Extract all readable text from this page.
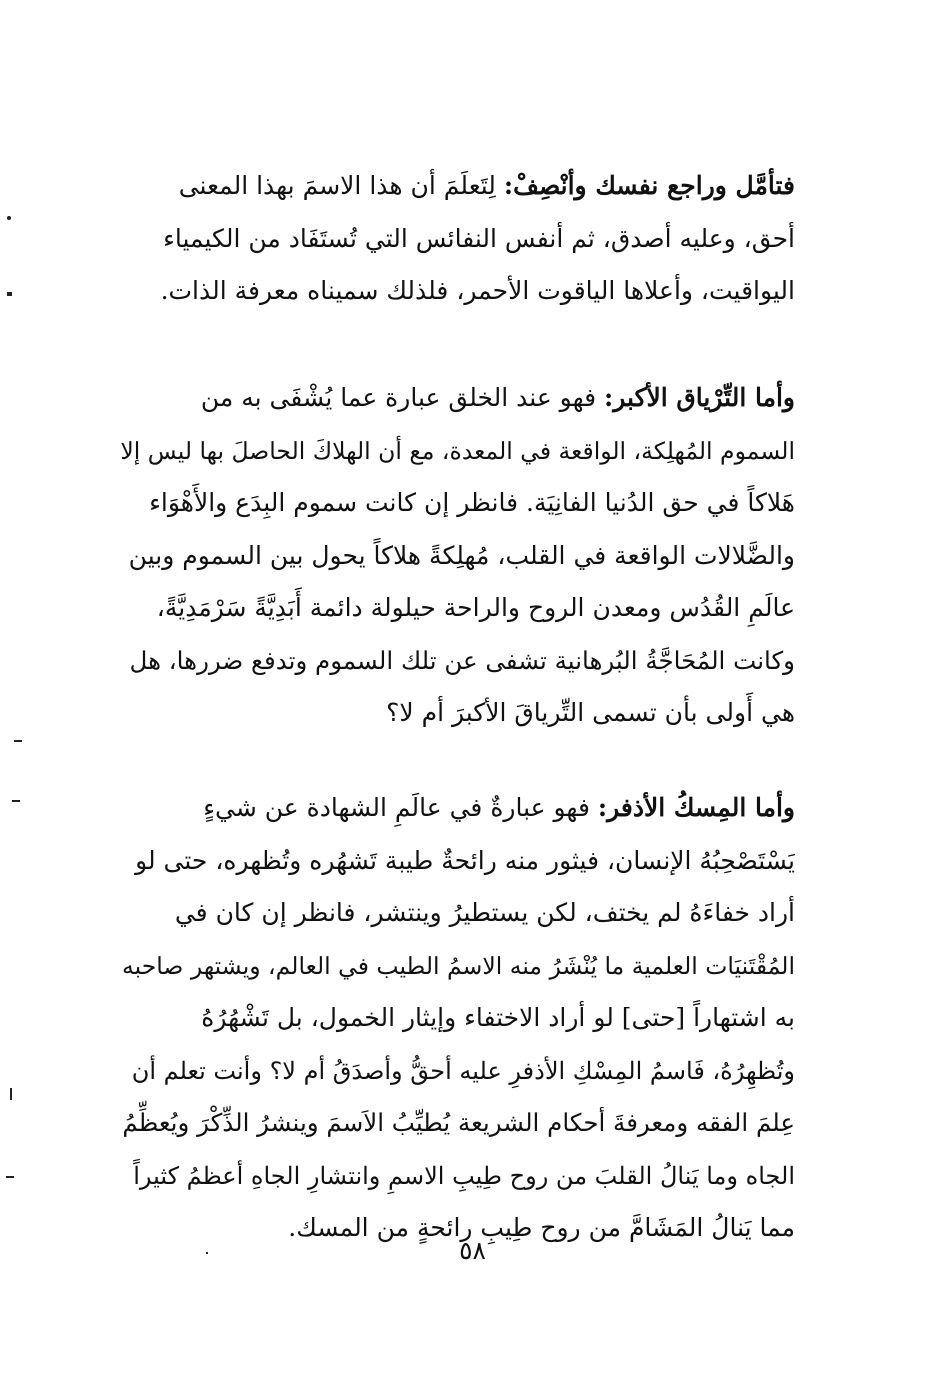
فتأمَّل وراجع نفسك وأنْصِفْ: لِتَعلَمَ أن هذا الاسمَ بهذا المعنى
أحق، وعليه أصدق، ثم أنفس النفائس التي تُستَفَاد من الكيمياء
اليواقيت، وأعلاها الياقوت الأحمر، فلذلك سميناه معرفة الذات.
وأما التِّرْياق الأكبر: فهو عند الخلق عبارة عما يُشْفَى به من
السموم المُهلِكة، الواقعة في المعدة، مع أن الهلاكَ الحاصلَ بها ليس إلا
هَلاكاً في حق الدُنيا الفانِيَة. فانظر إن كانت سموم البِدَع والأَهْوَاء
والضَّلالات الواقعة في القلب، مُهلِكةً هلاكاً يحول بين السموم وبين
عالَمِ القُدُس ومعدن الروح والراحة حيلولة دائمة أَبَدِيَّةً سَرْمَدِيَّةً،
وكانت المُحَاجَّةُ البُرهانية تشفى عن تلك السموم وتدفع ضررها، هل
هي أَولى بأن تسمى التِّرياقَ الأكبرَ أم لا؟
وأما المِسكُ الأذفر: فهو عبارةٌ في عالَمِ الشهادة عن شيءٍ
يَسْتَصْحِبُهُ الإنسان، فيثور منه رائحةٌ طيبة تَشهُره وتُظهره، حتى لو
أراد خفاءَهُ لم يختف، لكن يستطيرُ وينتشر، فانظر إن كان في
المُقْتَنيَات العلمية ما يُنْشَرُ منه الاسمُ الطيب في العالم، ويشتهر صاحبه
به اشتهاراً [حتى] لو أراد الاختفاء وإيثار الخمول، بل تَشْهُرُهُ
وتُظهِرُهُ، فَاسمُ المِسْكِ الأذفرِ عليه أحقُّ وأصدَقُ أم لا؟ وأنت تعلم أن
عِلمَ الفقه ومعرفةَ أحكام الشريعة يُطيِّبُ الاَسمَ وينشرُ الذِّكْرَ ويُعظِّمُ
الجاه وما يَنالُ القلبَ من روح طِيبِ الاسمِ وانتشارِ الجاهِ أعظمُ كثيراً
مما يَنالُ المَشَامَّ من روح طِيبِ رائحةٍ من المسك.
٥٨
